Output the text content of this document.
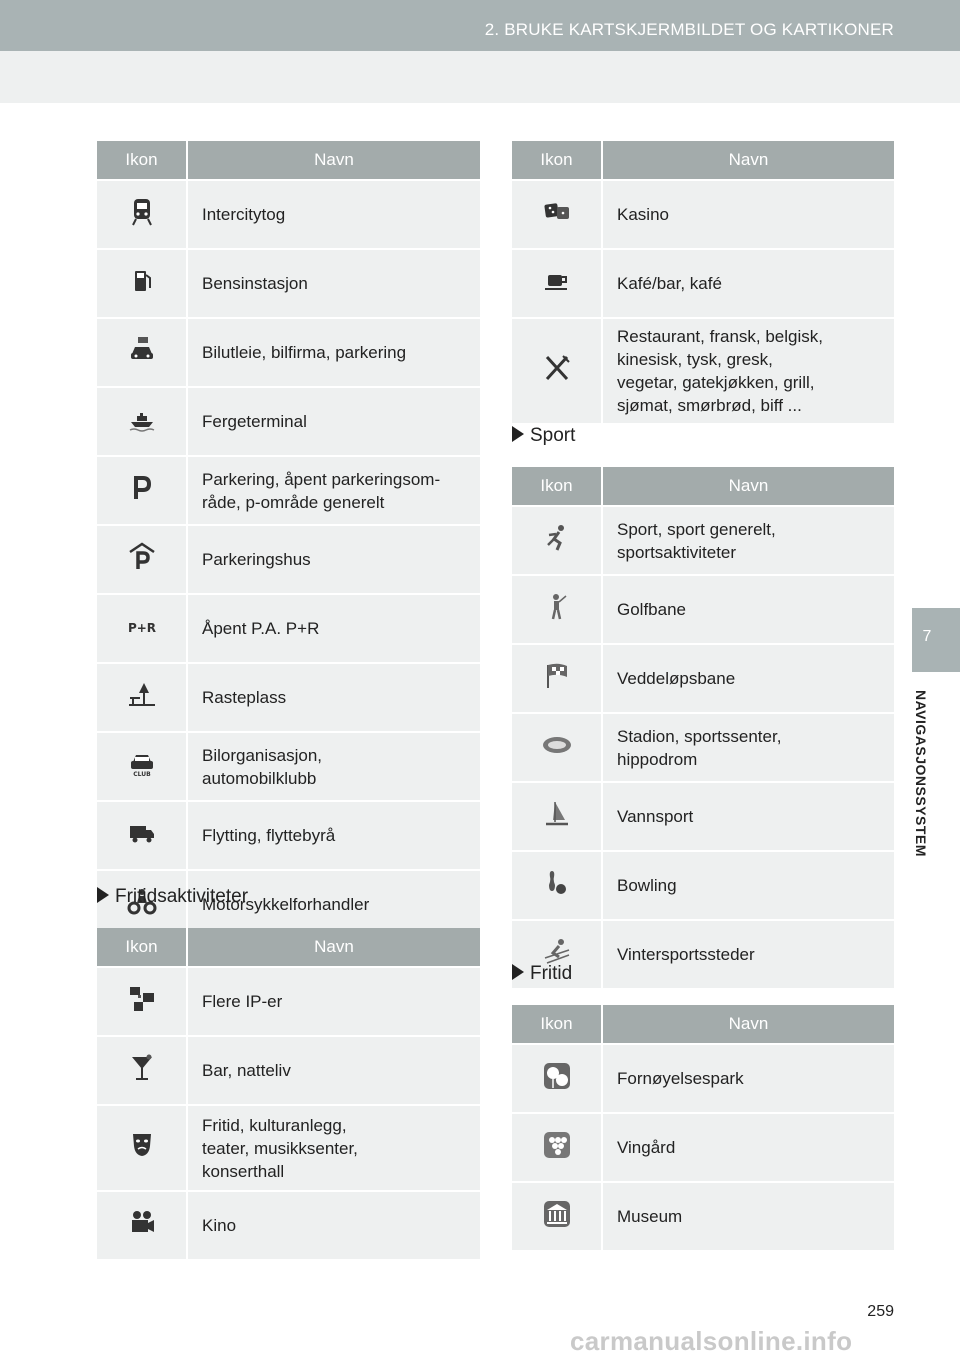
2. BRUKE KARTSKJERMBILDET OG KARTIKONER
7
NAVIGASJONSSYSTEM
Ikon	Navn

	Intercitytog

	Bensinstasjon

	Bilutleie, bilfirma, parkering

	Fergeterminal

	Parkering, åpent parkeringsom-
råde, p-område generelt

	Parkeringshus

P+R	Åpent P.A. P+R

	Rasteplass

CLUB	Bilorganisasjon,
automobilklubb

	Flytting, flyttebyrå

	Motorsykkelforhandler
Fritidsaktiviteter
Ikon	Navn

	Flere IP-er

	Bar, natteliv

	Fritid, kulturanlegg,
teater, musikksenter,
konserthall

	Kino
Ikon	Navn

	Kasino

	Kafé/bar, kafé

	Restaurant, fransk, belgisk,
kinesisk, tysk, gresk,
vegetar, gatekjøkken, grill,
sjømat, smørbrød, biff ...
Sport
Ikon	Navn

	Sport, sport generelt,
sportsaktiviteter

	Golfbane

	Veddeløpsbane

	Stadion, sportssenter,
hippodrom

	Vannsport

	Bowling

	Vintersportssteder
Fritid
Ikon	Navn

	Fornøyelsespark

	Vingård

	Museum
259
carmanualsonline.info
